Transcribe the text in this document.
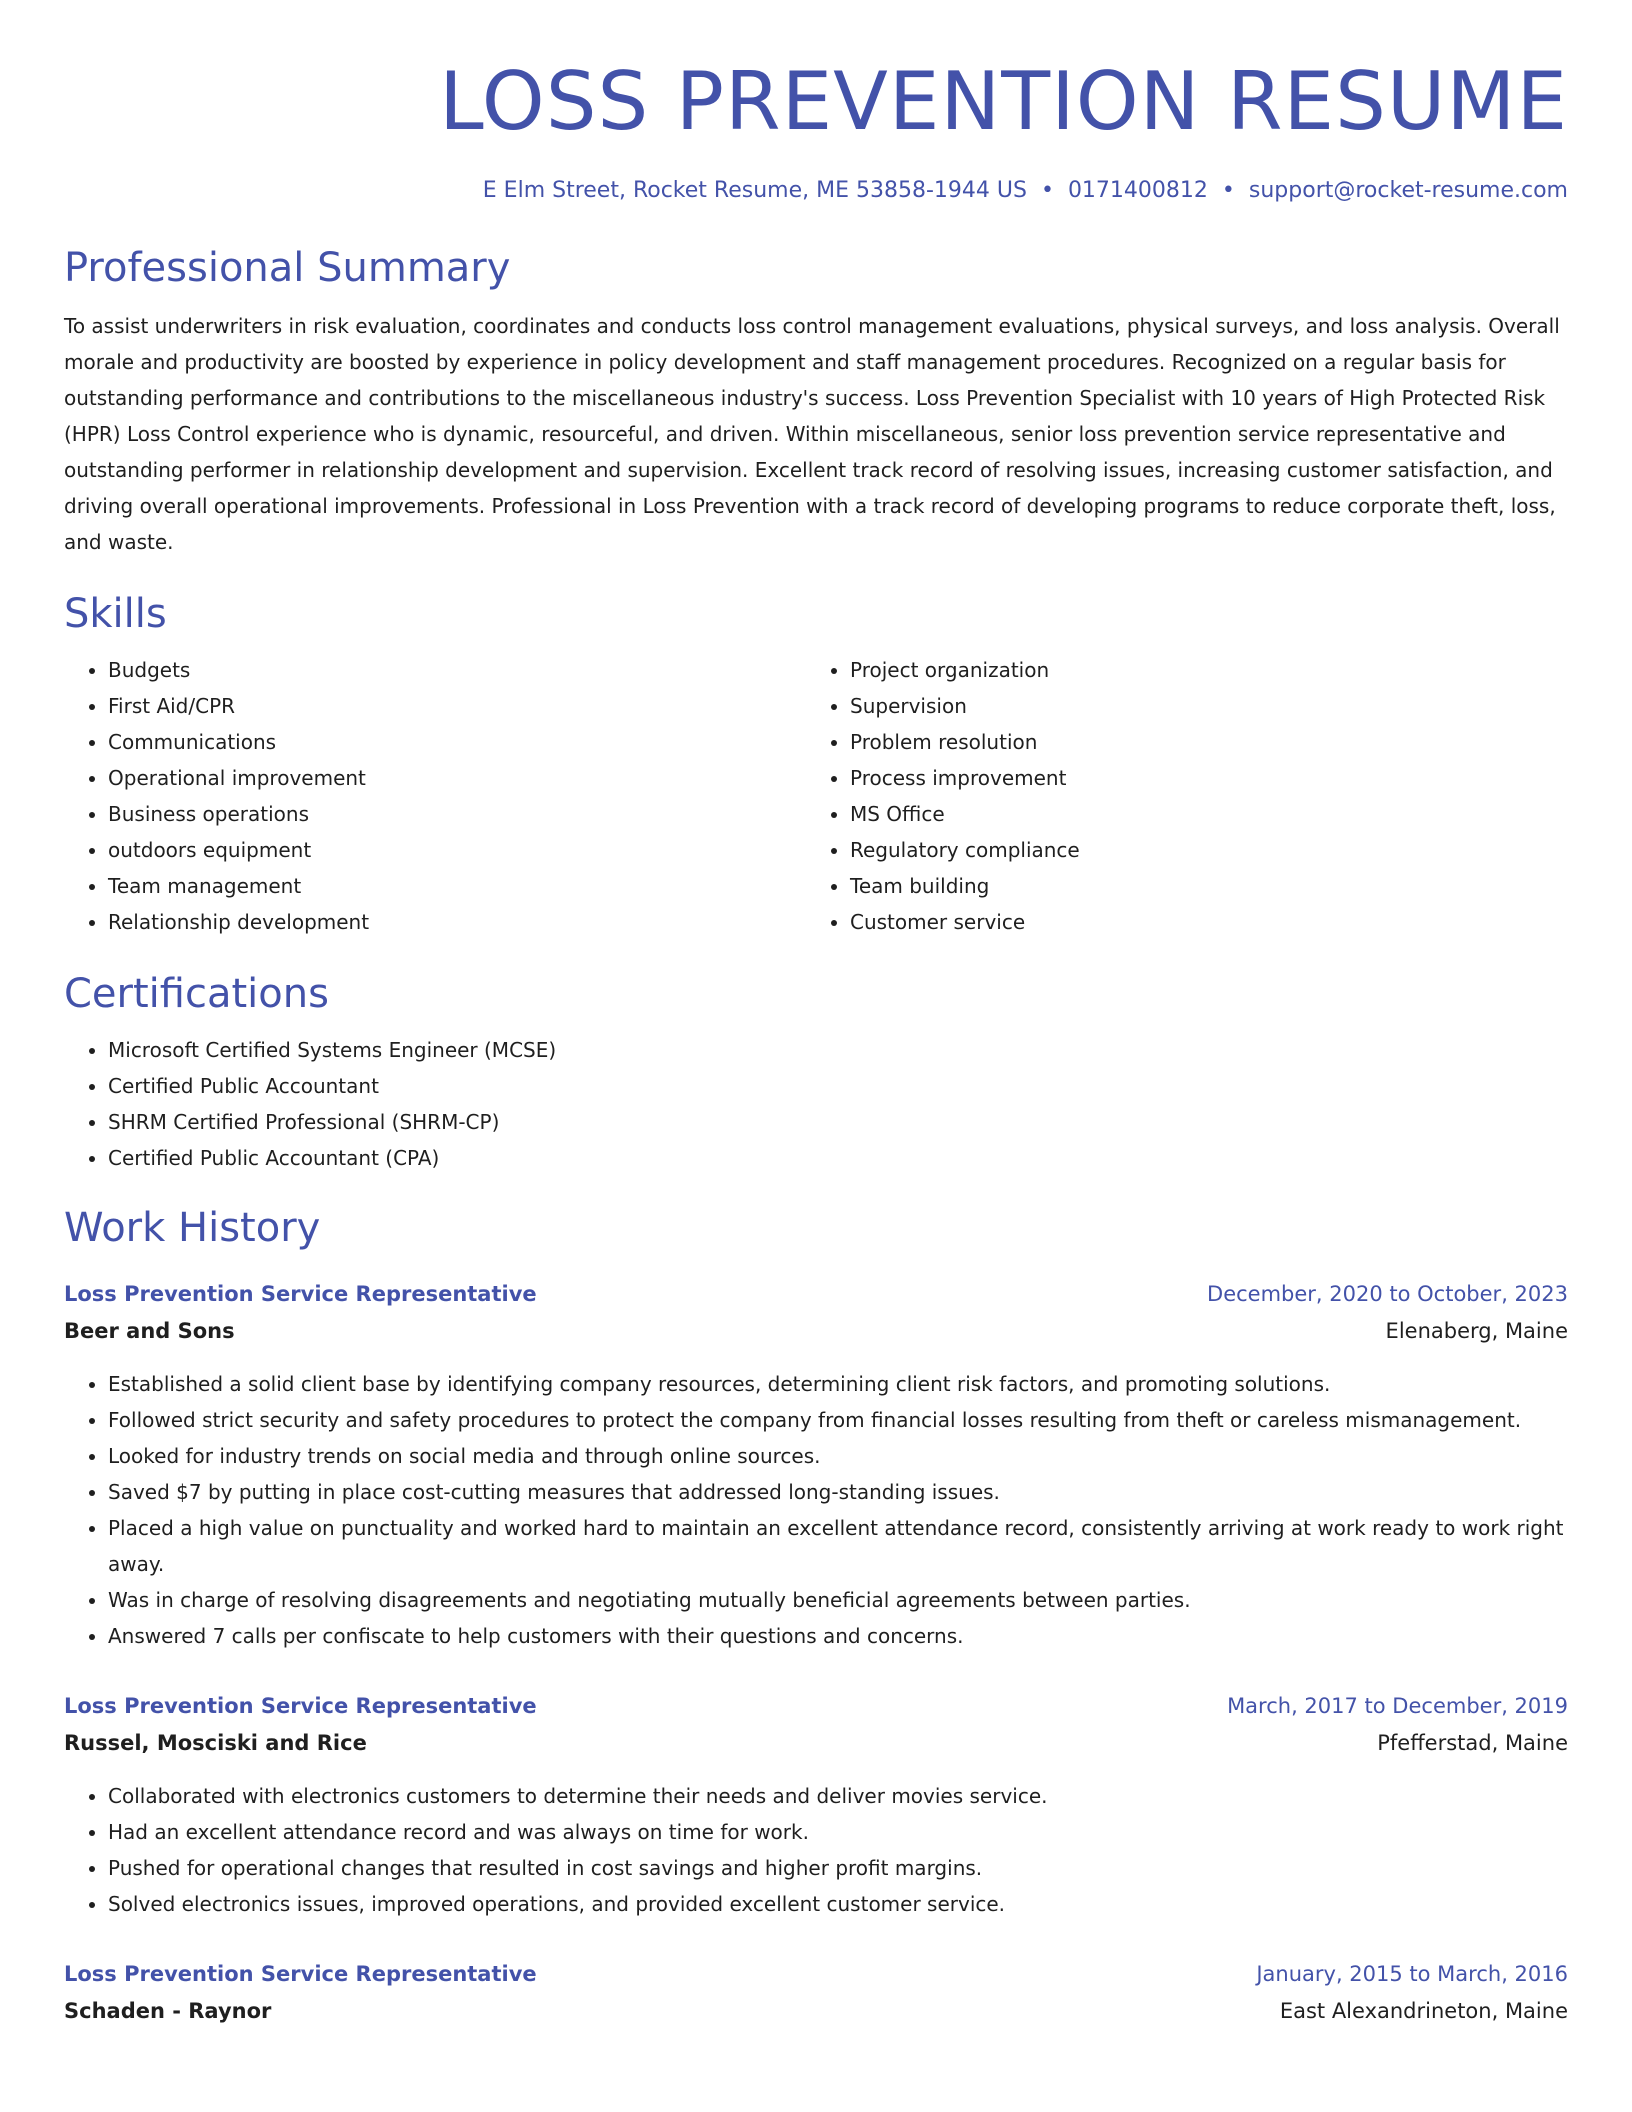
LOSS PREVENTION RESUME
E Elm Street, Rocket Resume, ME 53858-1944 US • 0171400812 • support@rocket-resume.com
Professional Summary

To assist underwriters in risk evaluation, coordinates and conducts loss control management evaluations, physical surveys, and loss analysis. Overall morale and productivity are boosted by experience in policy development and staff management procedures. Recognized on a regular basis for outstanding performance and contributions to the miscellaneous industry's success. Loss Prevention Specialist with 10 years of High Protected Risk (HPR) Loss Control experience who is dynamic, resourceful, and driven. Within miscellaneous, senior loss prevention service representative and outstanding performer in relationship development and supervision. Excellent track record of resolving issues, increasing customer satisfaction, and driving overall operational improvements. Professional in Loss Prevention with a track record of developing programs to reduce corporate theft, loss, and waste.

Skills
• Budgets
• First Aid/CPR
• Communications
• Operational improvement
• Business operations
• outdoors equipment
• Team management
• Relationship development
• Project organization
• Supervision
• Problem resolution
• Process improvement
• MS Office
• Regulatory compliance
• Team building
• Customer service
Certifications
• Microsoft Certified Systems Engineer (MCSE)
• Certified Public Accountant
• SHRM Certified Professional (SHRM-CP)
• Certified Public Accountant (CPA)
Work History
Loss Prevention Service Representative	December, 2020 to October, 2023
Beer and Sons	Elenaberg, Maine
• Established a solid client base by identifying company resources, determining client risk factors, and promoting solutions.
• Followed strict security and safety procedures to protect the company from financial losses resulting from theft or careless mismanagement.
• Looked for industry trends on social media and through online sources.
• Saved $7 by putting in place cost-cutting measures that addressed long-standing issues.
• Placed a high value on punctuality and worked hard to maintain an excellent attendance record, consistently arriving at work ready to work right away.
• Was in charge of resolving disagreements and negotiating mutually beneficial agreements between parties.
• Answered 7 calls per confiscate to help customers with their questions and concerns.
Loss Prevention Service Representative	March, 2017 to December, 2019
Russel, Mosciski and Rice	Pfefferstad, Maine
• Collaborated with electronics customers to determine their needs and deliver movies service.
• Had an excellent attendance record and was always on time for work.
• Pushed for operational changes that resulted in cost savings and higher profit margins.
• Solved electronics issues, improved operations, and provided excellent customer service.
Loss Prevention Service Representative	January, 2015 to March, 2016
Schaden - Raynor	East Alexandrineton, Maine
